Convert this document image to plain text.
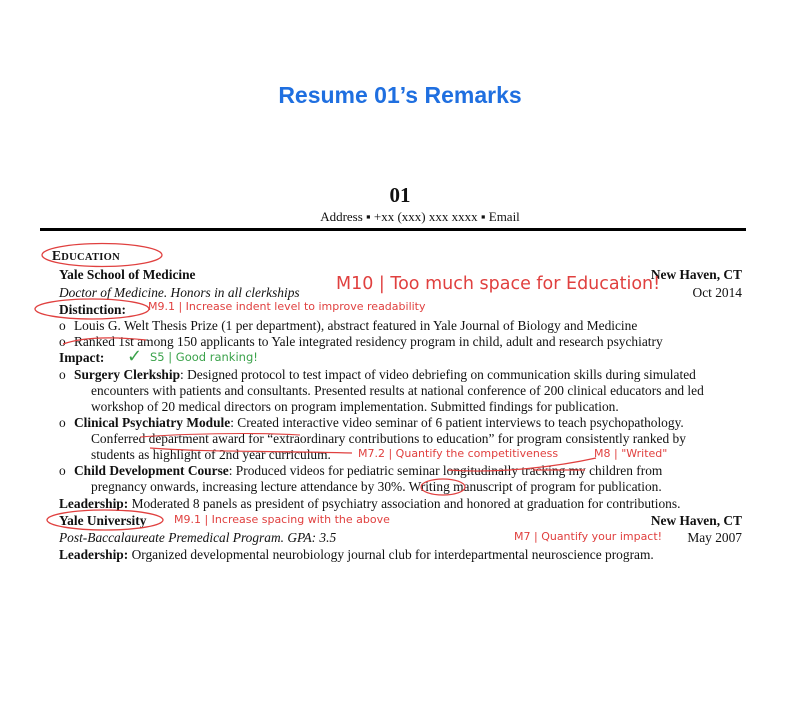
Resume 01’s Remarks
01
Address ▪ +xx (xxx) xxx xxxx ▪ Email
EDUCATION
Yale School of Medicine	New Haven, CT
Doctor of Medicine. Honors in all clerkships	Oct 2014
Distinction:
o Louis G. Welt Thesis Prize (1 per department), abstract featured in Yale Journal of Biology and Medicine
o Ranked 1st among 150 applicants to Yale integrated residency program in child, adult and research psychiatry
Impact:
o Surgery Clerkship: Designed protocol to test impact of video debriefing on communication skills during simulated
encounters with patients and consultants. Presented results at national conference of 200 clinical educators and led
workshop of 20 medical directors on program implementation. Submitted findings for publication.
o Clinical Psychiatry Module: Created interactive video seminar of 6 patient interviews to teach psychopathology.
Conferred department award for “extraordinary contributions to education” for program consistently ranked by
students as highlight of 2nd year curriculum.
o Child Development Course: Produced videos for pediatric seminar longitudinally tracking my children from
pregnancy onwards, increasing lecture attendance by 30%. Writing manuscript of program for publication.
Leadership: Moderated 8 panels as president of psychiatry association and honored at graduation for contributions.
Yale University	New Haven, CT
Post-Baccalaureate Premedical Program. GPA: 3.5	May 2007
Leadership: Organized developmental neurobiology journal club for interdepartmental neuroscience program.
M10 | Too much space for Education!
M9.1 | Increase indent level to improve readability
✓ S5 | Good ranking!
M7.2 | Quantify the competitiveness	M8 | "Writed"
M9.1 | Increase spacing with the above
M7 | Quantify your impact!
